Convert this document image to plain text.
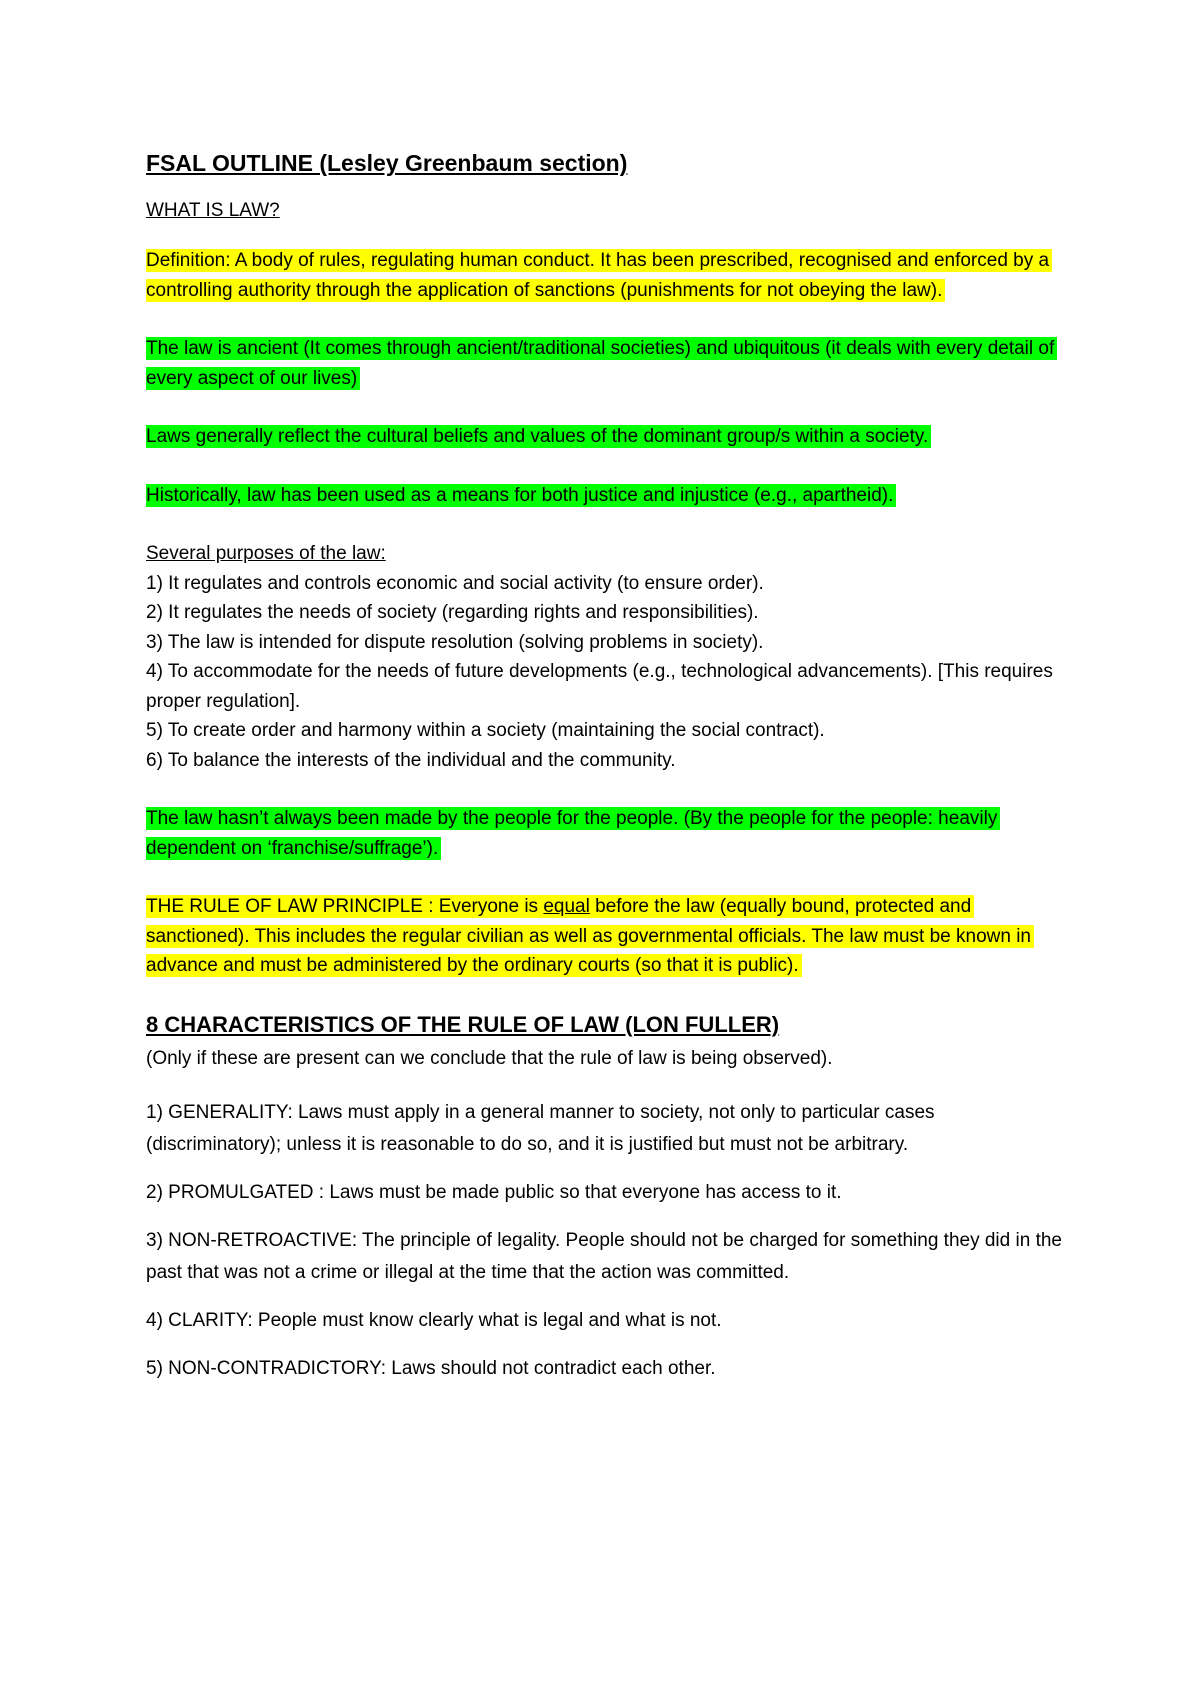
FSAL OUTLINE (Lesley Greenbaum section)
WHAT IS LAW?
Definition: A body of rules, regulating human conduct. It has been prescribed, recognised and enforced by a controlling authority through the application of sanctions (punishments for not obeying the law).
The law is ancient (It comes through ancient/traditional societies) and ubiquitous (it deals with every detail of every aspect of our lives)
Laws generally reflect the cultural beliefs and values of the dominant group/s within a society.
Historically, law has been used as a means for both justice and injustice (e.g., apartheid).
Several purposes of the law:
1) It regulates and controls economic and social activity (to ensure order).
2) It regulates the needs of society (regarding rights and responsibilities).
3) The law is intended for dispute resolution (solving problems in society).
4) To accommodate for the needs of future developments (e.g., technological advancements). [This requires proper regulation].
5) To create order and harmony within a society (maintaining the social contract).
6) To balance the interests of the individual and the community.
The law hasn’t always been made by the people for the people. (By the people for the people: heavily dependent on ‘franchise/suffrage’).
THE RULE OF LAW PRINCIPLE : Everyone is equal before the law (equally bound, protected and sanctioned). This includes the regular civilian as well as governmental officials. The law must be known in advance and must be administered by the ordinary courts (so that it is public).
8 CHARACTERISTICS OF THE RULE OF LAW (LON FULLER)
(Only if these are present can we conclude that the rule of law is being observed).
1) GENERALITY: Laws must apply in a general manner to society, not only to particular cases (discriminatory); unless it is reasonable to do so, and it is justified but must not be arbitrary.
2) PROMULGATED : Laws must be made public so that everyone has access to it.
3) NON-RETROACTIVE: The principle of legality. People should not be charged for something they did in the past that was not a crime or illegal at the time that the action was committed.
4) CLARITY: People must know clearly what is legal and what is not.
5) NON-CONTRADICTORY: Laws should not contradict each other.
